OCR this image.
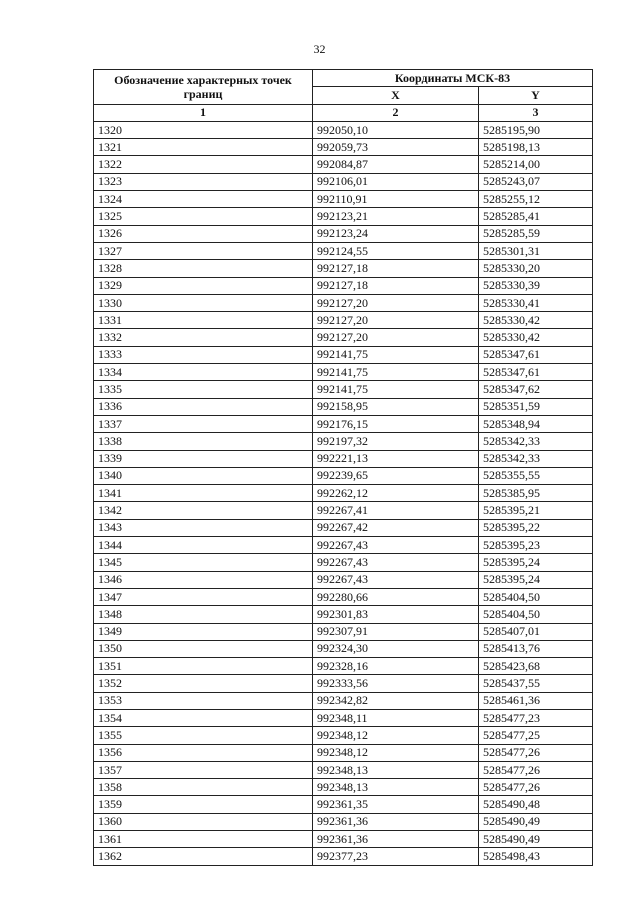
32
Обозначение характерных точек границ	Координаты МСК-83	
	X	Y
1	2	3
1320	992050,10	5285195,90
1321	992059,73	5285198,13
1322	992084,87	5285214,00
1323	992106,01	5285243,07
1324	992110,91	5285255,12
1325	992123,21	5285285,41
1326	992123,24	5285285,59
1327	992124,55	5285301,31
1328	992127,18	5285330,20
1329	992127,18	5285330,39
1330	992127,20	5285330,41
1331	992127,20	5285330,42
1332	992127,20	5285330,42
1333	992141,75	5285347,61
1334	992141,75	5285347,61
1335	992141,75	5285347,62
1336	992158,95	5285351,59
1337	992176,15	5285348,94
1338	992197,32	5285342,33
1339	992221,13	5285342,33
1340	992239,65	5285355,55
1341	992262,12	5285385,95
1342	992267,41	5285395,21
1343	992267,42	5285395,22
1344	992267,43	5285395,23
1345	992267,43	5285395,24
1346	992267,43	5285395,24
1347	992280,66	5285404,50
1348	992301,83	5285404,50
1349	992307,91	5285407,01
1350	992324,30	5285413,76
1351	992328,16	5285423,68
1352	992333,56	5285437,55
1353	992342,82	5285461,36
1354	992348,11	5285477,23
1355	992348,12	5285477,25
1356	992348,12	5285477,26
1357	992348,13	5285477,26
1358	992348,13	5285477,26
1359	992361,35	5285490,48
1360	992361,36	5285490,49
1361	992361,36	5285490,49
1362	992377,23	5285498,43
